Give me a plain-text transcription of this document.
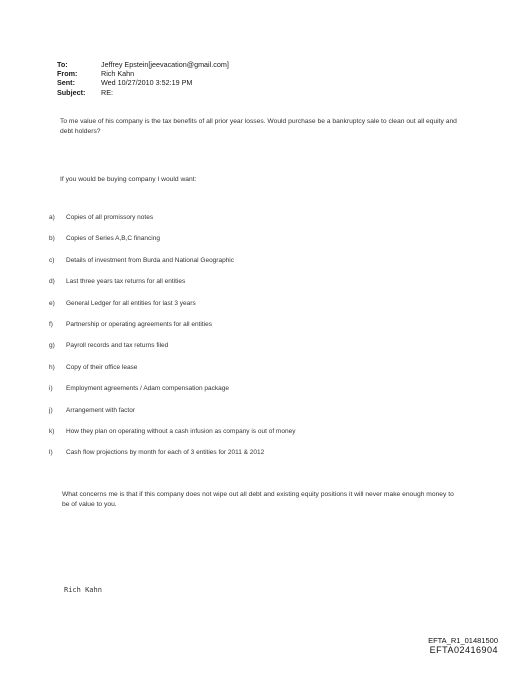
To:	Jeffrey Epstein[jeevacation@gmail.com]
From:	Rich Kahn
Sent:	Wed 10/27/2010 3:52:19 PM
Subject:	RE:
To me value of his company is the tax benefits of all prior year losses. Would purchase be a bankruptcy sale to clean out all equity and debt holders?
If you would be buying company I would want:
a)	Copies of all promissory notes
b)	Copies of Series A,B,C financing
c)	Details of investment from Burda and National Geographic
d)	Last three years tax returns for all entities
e)	General Ledger for all entities for last 3 years
f)	Partnership or operating agreements for all entities
g)	Payroll records and tax returns filed
h)	Copy of their office lease
i)	Employment agreements / Adam compensation package
j)	Arrangement with factor
k)	How they plan on operating without a cash infusion as company is out of money
l)	Cash flow projections by month for each of 3 entities for 2011 & 2012
What concerns me is that if this company does not wipe out all debt and existing equity positions it will never make enough money to be of value to you.
Rich Kahn
EFTA_R1_01481500
EFTA02416904
